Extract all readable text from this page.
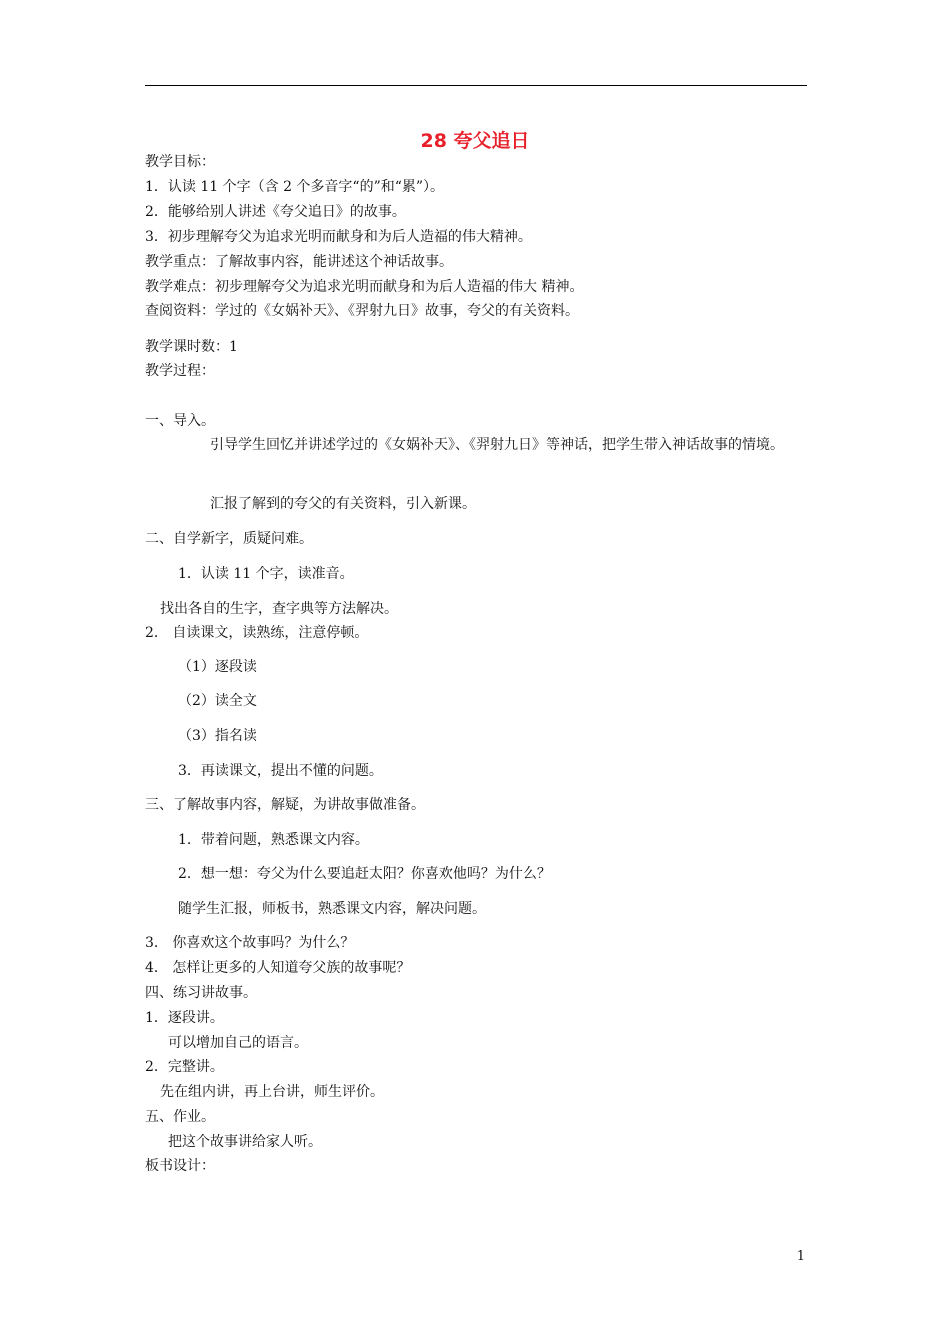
28 夸父追日
教学目标：
1．认读 11 个字（含 2 个多音字“的”和“累”）。
2．能够给别人讲述《夸父追日》的故事。
3．初步理解夸父为追求光明而献身和为后人造福的伟大精神。
教学重点：了解故事内容，能讲述这个神话故事。
教学难点：初步理解夸父为追求光明而献身和为后人造福的伟大 精神。
查阅资料：学过的《女娲补天》、《羿射九日》故事，夸父的有关资料。
教学课时数：1
教学过程：
一、导入。
引导学生回忆并讲述学过的《女娲补天》、《羿射九日》等神话，把学生带入神话故事的情境。
汇报了解到的夸父的有关资料，引入新课。
二、自学新字，质疑问难。
1．认读 11 个字，读准音。
找出各自的生字，查字典等方法解决。
2． 自读课文，读熟练，注意停顿。
（1）逐段读
（2）读全文
（3）指名读
3．再读课文，提出不懂的问题。
三、了解故事内容，解疑，为讲故事做准备。
1．带着问题，熟悉课文内容。
2．想一想：夸父为什么要追赶太阳？你喜欢他吗？为什么？
随学生汇报，师板书，熟悉课文内容，解决问题。
3． 你喜欢这个故事吗？为什么？
4． 怎样让更多的人知道夸父族的故事呢？
四、练习讲故事。
1．逐段讲。
可以增加自己的语言。
2．完整讲。
先在组内讲，再上台讲，师生评价。
五、作业。
把这个故事讲给家人听。
板书设计：
1
